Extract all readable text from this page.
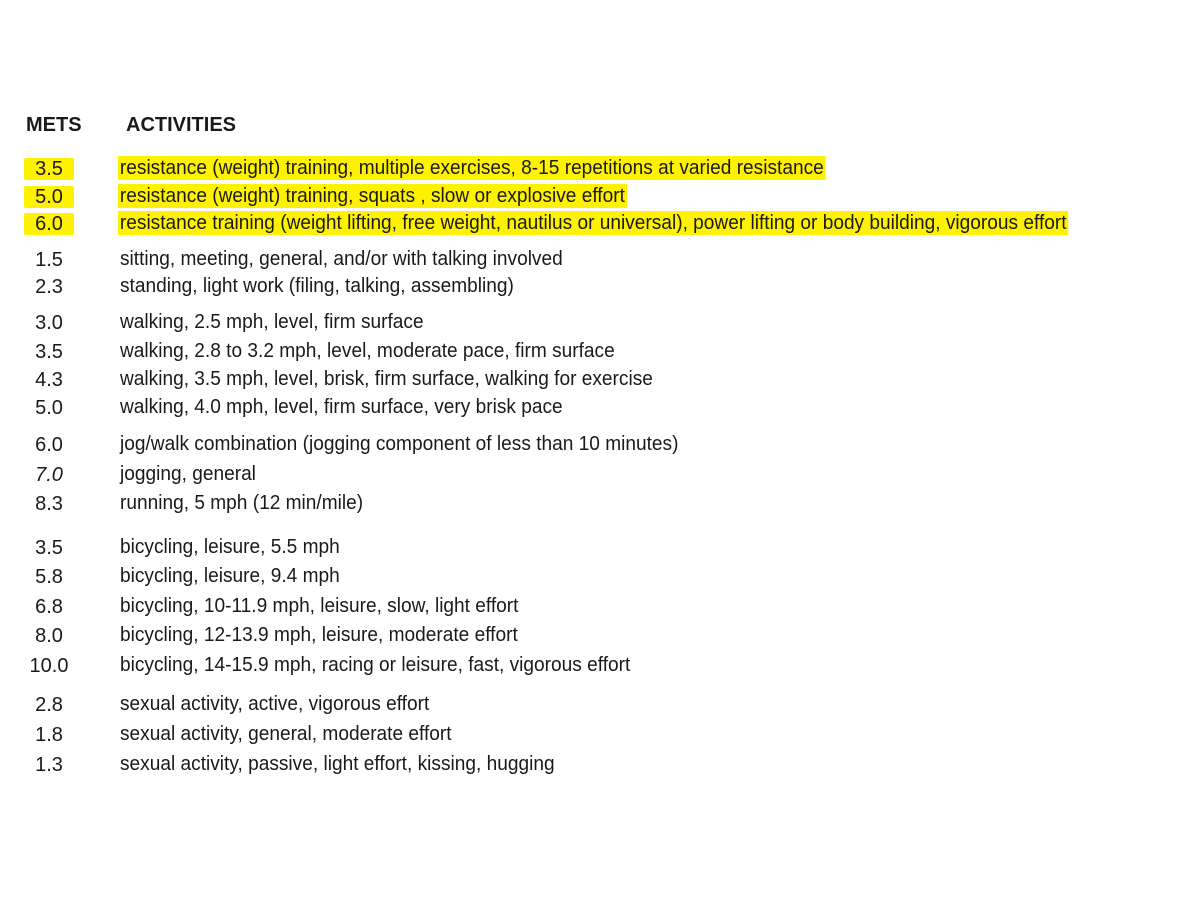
METS ACTIVITIES
3.5	resistance (weight) training, multiple exercises, 8-15 repetitions at varied resistance
5.0	resistance (weight) training, squats , slow or explosive effort
6.0	resistance training (weight lifting, free weight, nautilus or universal), power lifting or body building, vigorous effort
1.5	sitting, meeting, general, and/or with talking involved
2.3	standing, light work (filing, talking, assembling)
3.0	walking, 2.5 mph, level, firm surface
3.5	walking, 2.8 to 3.2 mph, level, moderate pace, firm surface
4.3	walking, 3.5 mph, level, brisk, firm surface, walking for exercise
5.0	walking, 4.0 mph, level, firm surface, very brisk pace
6.0	jog/walk combination (jogging component of less than 10 minutes)
7.0	jogging, general
8.3	running, 5 mph (12 min/mile)
3.5	bicycling, leisure, 5.5 mph
5.8	bicycling, leisure, 9.4 mph
6.8	bicycling, 10-11.9 mph, leisure, slow, light effort
8.0	bicycling, 12-13.9 mph, leisure, moderate effort
10.0	bicycling, 14-15.9 mph, racing or leisure, fast, vigorous effort
2.8	sexual activity, active, vigorous effort
1.8	sexual activity, general, moderate effort
1.3	sexual activity, passive, light effort, kissing, hugging
